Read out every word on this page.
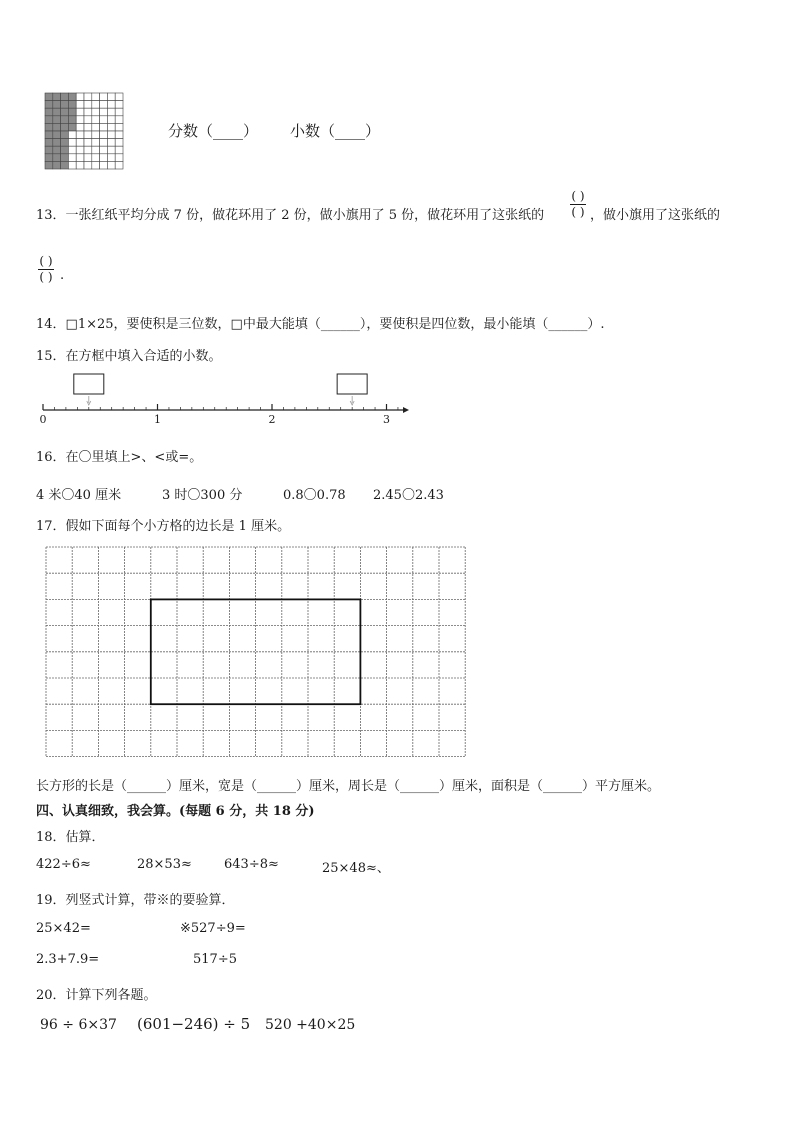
分数（____） 小数（____）
13．一张红纸平均分成 7 份，做花环用了 2 份，做小旗用了 5 份，做花环用了这张纸的
( )
( ) ，做小旗用了这张纸的
( )
( ) .
14．□1×25，要使积是三位数，□中最大能填（______），要使积是四位数，最小能填（______）.
15．在方框中填入合适的小数。
0	1	2	3
16．在〇里填上>、<或=。
4 米〇40 厘米	3 时〇300 分	0.8〇0.78 2.45〇2.43
17．假如下面每个小方格的边长是 1 厘米。
长方形的长是（______）厘米，宽是（______）厘米，周长是（______）厘米，面积是（______）平方厘米。
四、认真细致，我会算。(每题 6 分，共 18 分)
18．估算．
422÷6≈	28×53≈ 643÷8≈	25×48≈、
19．列竖式计算，带※的要验算．
25×42=	※527÷9=
2.3+7.9=	517÷5
20．计算下列各题。
96 ÷ 6×37 (601−246) ÷ 5 520 +40×25
